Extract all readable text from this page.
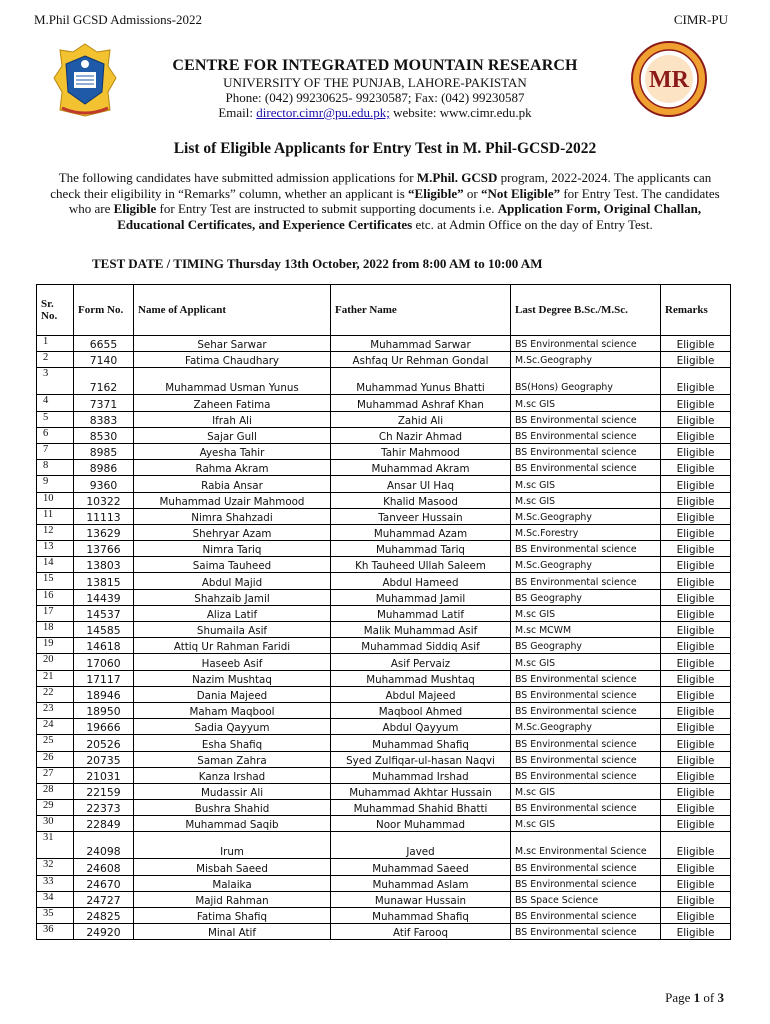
M.Phil GCSD Admissions-2022	CIMR-PU
MR
CENTRE FOR INTEGRATED MOUNTAIN RESEARCH
UNIVERSITY OF THE PUNJAB, LAHORE-PAKISTAN
Phone: (042) 99230625- 99230587; Fax: (042) 99230587
Email: director.cimr@pu.edu.pk; website: www.cimr.edu.pk
List of Eligible Applicants for Entry Test in M. Phil-GCSD-2022
The following candidates have submitted admission applications for M.Phil. GCSD program, 2022-2024. The applicants can check their eligibility in “Remarks” column, whether an applicant is “Eligible” or “Not Eligible” for Entry Test. The candidates who are Eligible for Entry Test are instructed to submit supporting documents i.e. Application Form, Original Challan, Educational Certificates, and Experience Certificates etc. at Admin Office on the day of Entry Test.
TEST DATE / TIMING Thursday 13th October, 2022 from 8:00 AM to 10:00 AM
Sr. No.	Form No.	Name of Applicant	Father Name	Last Degree B.Sc./M.Sc.	Remarks
1	6655	Sehar Sarwar	Muhammad Sarwar	BS Environmental science	Eligible
2	7140	Fatima Chaudhary	Ashfaq Ur Rehman Gondal	M.Sc.Geography	Eligible
3	7162	Muhammad Usman Yunus	Muhammad Yunus Bhatti	BS(Hons) Geography	Eligible
4	7371	Zaheen Fatima	Muhammad Ashraf Khan	M.sc GIS	Eligible
5	8383	Ifrah Ali	Zahid Ali	BS Environmental science	Eligible
6	8530	Sajar Gull	Ch Nazir Ahmad	BS Environmental science	Eligible
7	8985	Ayesha Tahir	Tahir Mahmood	BS Environmental science	Eligible
8	8986	Rahma Akram	Muhammad Akram	BS Environmental science	Eligible
9	9360	Rabia Ansar	Ansar Ul Haq	M.sc GIS	Eligible
10	10322	Muhammad Uzair Mahmood	Khalid Masood	M.sc GIS	Eligible
11	11113	Nimra Shahzadi	Tanveer Hussain	M.Sc.Geography	Eligible
12	13629	Shehryar Azam	Muhammad Azam	M.Sc.Forestry	Eligible
13	13766	Nimra Tariq	Muhammad Tariq	BS Environmental science	Eligible
14	13803	Saima Tauheed	Kh Tauheed Ullah Saleem	M.Sc.Geography	Eligible
15	13815	Abdul Majid	Abdul Hameed	BS Environmental science	Eligible
16	14439	Shahzaib Jamil	Muhammad Jamil	BS Geography	Eligible
17	14537	Aliza Latif	Muhammad Latif	M.sc GIS	Eligible
18	14585	Shumaila Asif	Malik Muhammad Asif	M.sc MCWM	Eligible
19	14618	Attiq Ur Rahman Faridi	Muhammad Siddiq Asif	BS Geography	Eligible
20	17060	Haseeb Asif	Asif Pervaiz	M.sc GIS	Eligible
21	17117	Nazim Mushtaq	Muhammad Mushtaq	BS Environmental science	Eligible
22	18946	Dania Majeed	Abdul Majeed	BS Environmental science	Eligible
23	18950	Maham Maqbool	Maqbool Ahmed	BS Environmental science	Eligible
24	19666	Sadia Qayyum	Abdul Qayyum	M.Sc.Geography	Eligible
25	20526	Esha Shafiq	Muhammad Shafiq	BS Environmental science	Eligible
26	20735	Saman Zahra	Syed Zulfiqar-ul-hasan Naqvi	BS Environmental science	Eligible
27	21031	Kanza Irshad	Muhammad Irshad	BS Environmental science	Eligible
28	22159	Mudassir Ali	Muhammad Akhtar Hussain	M.sc GIS	Eligible
29	22373	Bushra Shahid	Muhammad Shahid Bhatti	BS Environmental science	Eligible
30	22849	Muhammad Saqib	Noor Muhammad	M.sc GIS	Eligible
31	24098	Irum	Javed	M.sc Environmental Science	Eligible
32	24608	Misbah Saeed	Muhammad Saeed	BS Environmental science	Eligible
33	24670	Malaika	Muhammad Aslam	BS Environmental science	Eligible
34	24727	Majid Rahman	Munawar Hussain	BS Space Science	Eligible
35	24825	Fatima Shafiq	Muhammad Shafiq	BS Environmental science	Eligible
36	24920	Minal Atif	Atif Farooq	BS Environmental science	Eligible
Page 1 of 3
